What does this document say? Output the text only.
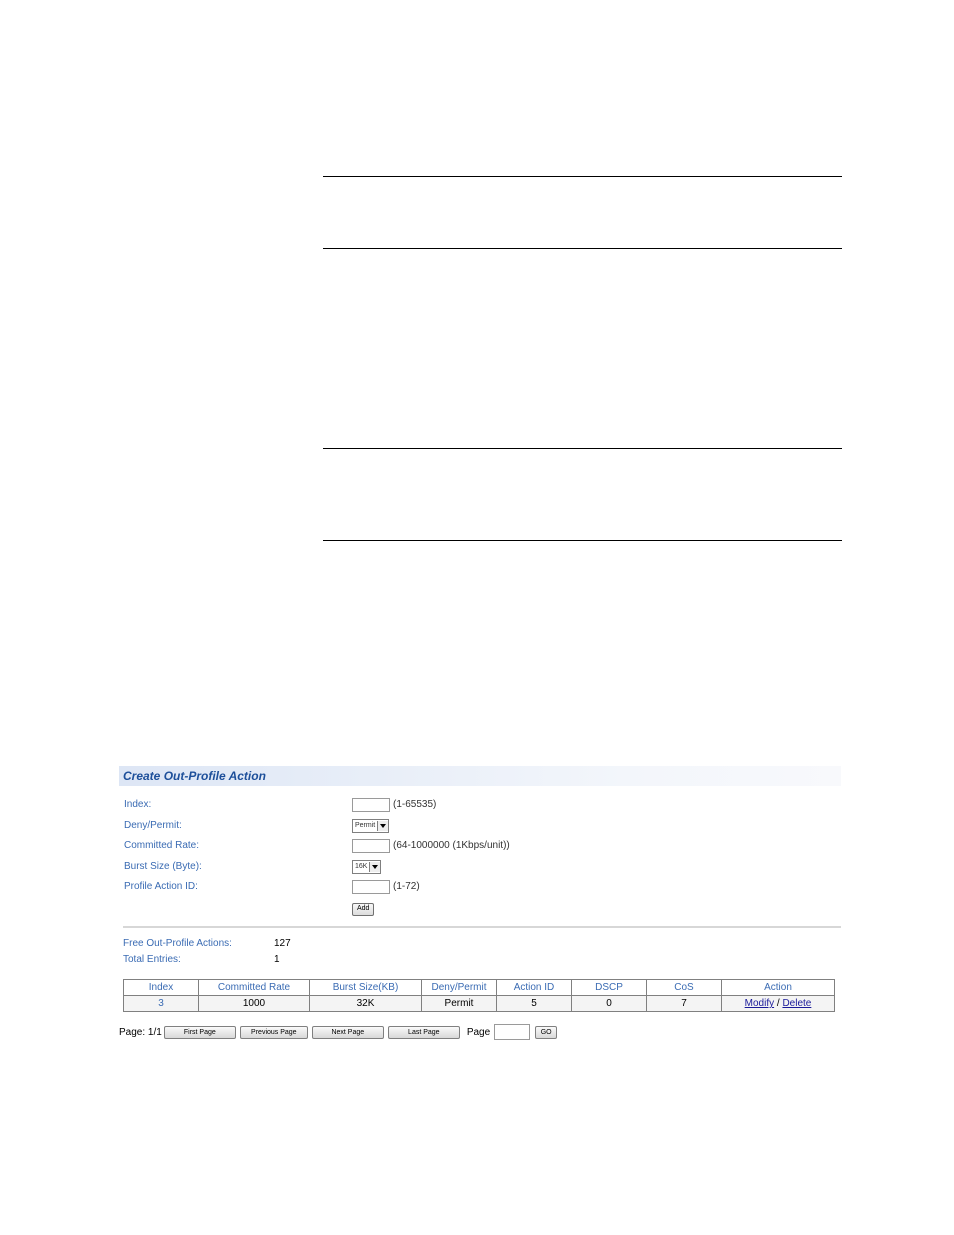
Create Out-Profile Action
Index:	(1-65535)
Deny/Permit:	Permit
Committed Rate:	(64-1000000 (1Kbps/unit))
Burst Size (Byte):	16K
Profile Action ID:	(1-72)
Add
Free Out-Profile Actions:	127
Total Entries:	1
Index	Committed Rate	Burst Size(KB)	Deny/Permit	Action ID	DSCP	CoS	Action
3	1000	32K	Permit	5	0	7	Modify / Delete
Page: 1/1	First Page	Previous Page	Next Page	Last Page	Page	GO
